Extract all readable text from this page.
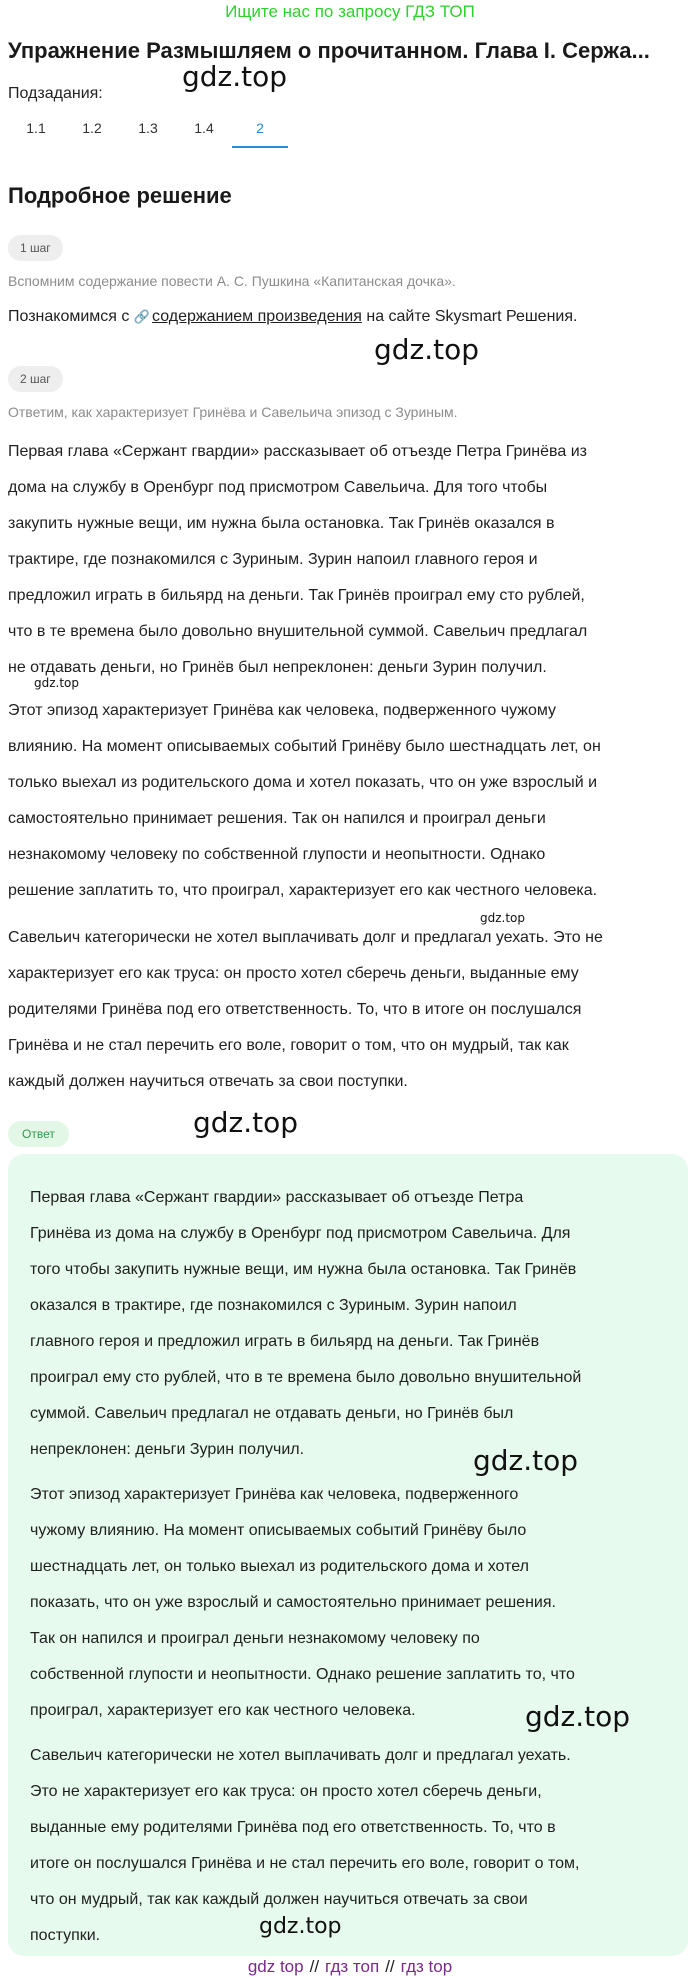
Ищите нас по запросу ГДЗ ТОП
Упражнение Размышляем о прочитанном. Глава I. Сержа...
Подзадания:
1.1	1.2	1.3	1.4	2
Подробное решение
1 шаг
Вспомним содержание повести А. С. Пушкина «Капитанская дочка».
Познакомимся с 🔗 содержанием произведения на сайте Skysmart Решения.
2 шаг
Ответим, как характеризует Гринёва и Савельича эпизод с Зуриным.
Первая глава «Сержант гвардии» рассказывает об отъезде Петра Гринёва из
дома на службу в Оренбург под присмотром Савельича. Для того чтобы
закупить нужные вещи, им нужна была остановка. Так Гринёв оказался в
трактире, где познакомился с Зуриным. Зурин напоил главного героя и
предложил играть в бильярд на деньги. Так Гринёв проиграл ему сто рублей,
что в те времена было довольно внушительной суммой. Савельич предлагал
не отдавать деньги, но Гринёв был непреклонен: деньги Зурин получил.
Этот эпизод характеризует Гринёва как человека, подверженного чужому
влиянию. На момент описываемых событий Гринёву было шестнадцать лет, он
только выехал из родительского дома и хотел показать, что он уже взрослый и
самостоятельно принимает решения. Так он напился и проиграл деньги
незнакомому человеку по собственной глупости и неопытности. Однако
решение заплатить то, что проиграл, характеризует его как честного человека.
Савельич категорически не хотел выплачивать долг и предлагал уехать. Это не
характеризует его как труса: он просто хотел сберечь деньги, выданные ему
родителями Гринёва под его ответственность. То, что в итоге он послушался
Гринёва и не стал перечить его воле, говорит о том, что он мудрый, так как
каждый должен научиться отвечать за свои поступки.
Ответ
Первая глава «Сержант гвардии» рассказывает об отъезде Петра
Гринёва из дома на службу в Оренбург под присмотром Савельича. Для
того чтобы закупить нужные вещи, им нужна была остановка. Так Гринёв
оказался в трактире, где познакомился с Зуриным. Зурин напоил
главного героя и предложил играть в бильярд на деньги. Так Гринёв
проиграл ему сто рублей, что в те времена было довольно внушительной
суммой. Савельич предлагал не отдавать деньги, но Гринёв был
непреклонен: деньги Зурин получил.
Этот эпизод характеризует Гринёва как человека, подверженного
чужому влиянию. На момент описываемых событий Гринёву было
шестнадцать лет, он только выехал из родительского дома и хотел
показать, что он уже взрослый и самостоятельно принимает решения.
Так он напился и проиграл деньги незнакомому человеку по
собственной глупости и неопытности. Однако решение заплатить то, что
проиграл, характеризует его как честного человека.
Савельич категорически не хотел выплачивать долг и предлагал уехать.
Это не характеризует его как труса: он просто хотел сберечь деньги,
выданные ему родителями Гринёва под его ответственность. То, что в
итоге он послушался Гринёва и не стал перечить его воле, говорит о том,
что он мудрый, так как каждый должен научиться отвечать за свои
поступки.
gdz.top
gdz.top
gdz.top
gdz.top
gdz.top
gdz.top
gdz.top
gdz.top
gdz top // гдз топ // гдз top
